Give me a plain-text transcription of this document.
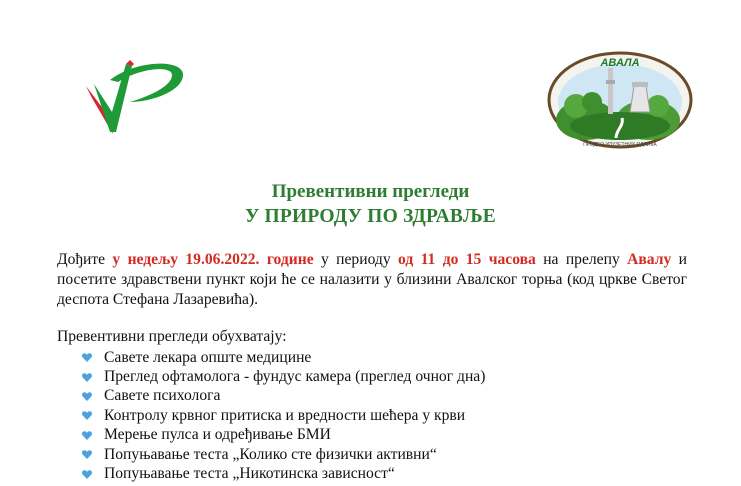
АВАЛА
ПРЕДЕО ИЗУЗЕТНИХ ОДЛИКА
Превентивни прегледи
У ПРИРОДУ ПО ЗДРАВЉЕ
Дођите у недељу 19.06.2022. године у периоду од 11 до 15 часова на прелепу Авалу и посетите здравствени пункт који ће се налазити у близини Авалског торња (код цркве Светог деспота Стефана Лазаревића).
Превентивни прегледи обухватају:
Савете лекара опште медицине
Преглед офтамолога - фундус камера (преглед очног дна)
Савете психолога
Контролу крвног притиска и вредности шећера у крви
Мерење пулса и одређивање БМИ
Попуњавање теста „Колико сте физички активни“
Попуњавање теста „Никотинска зависност“
